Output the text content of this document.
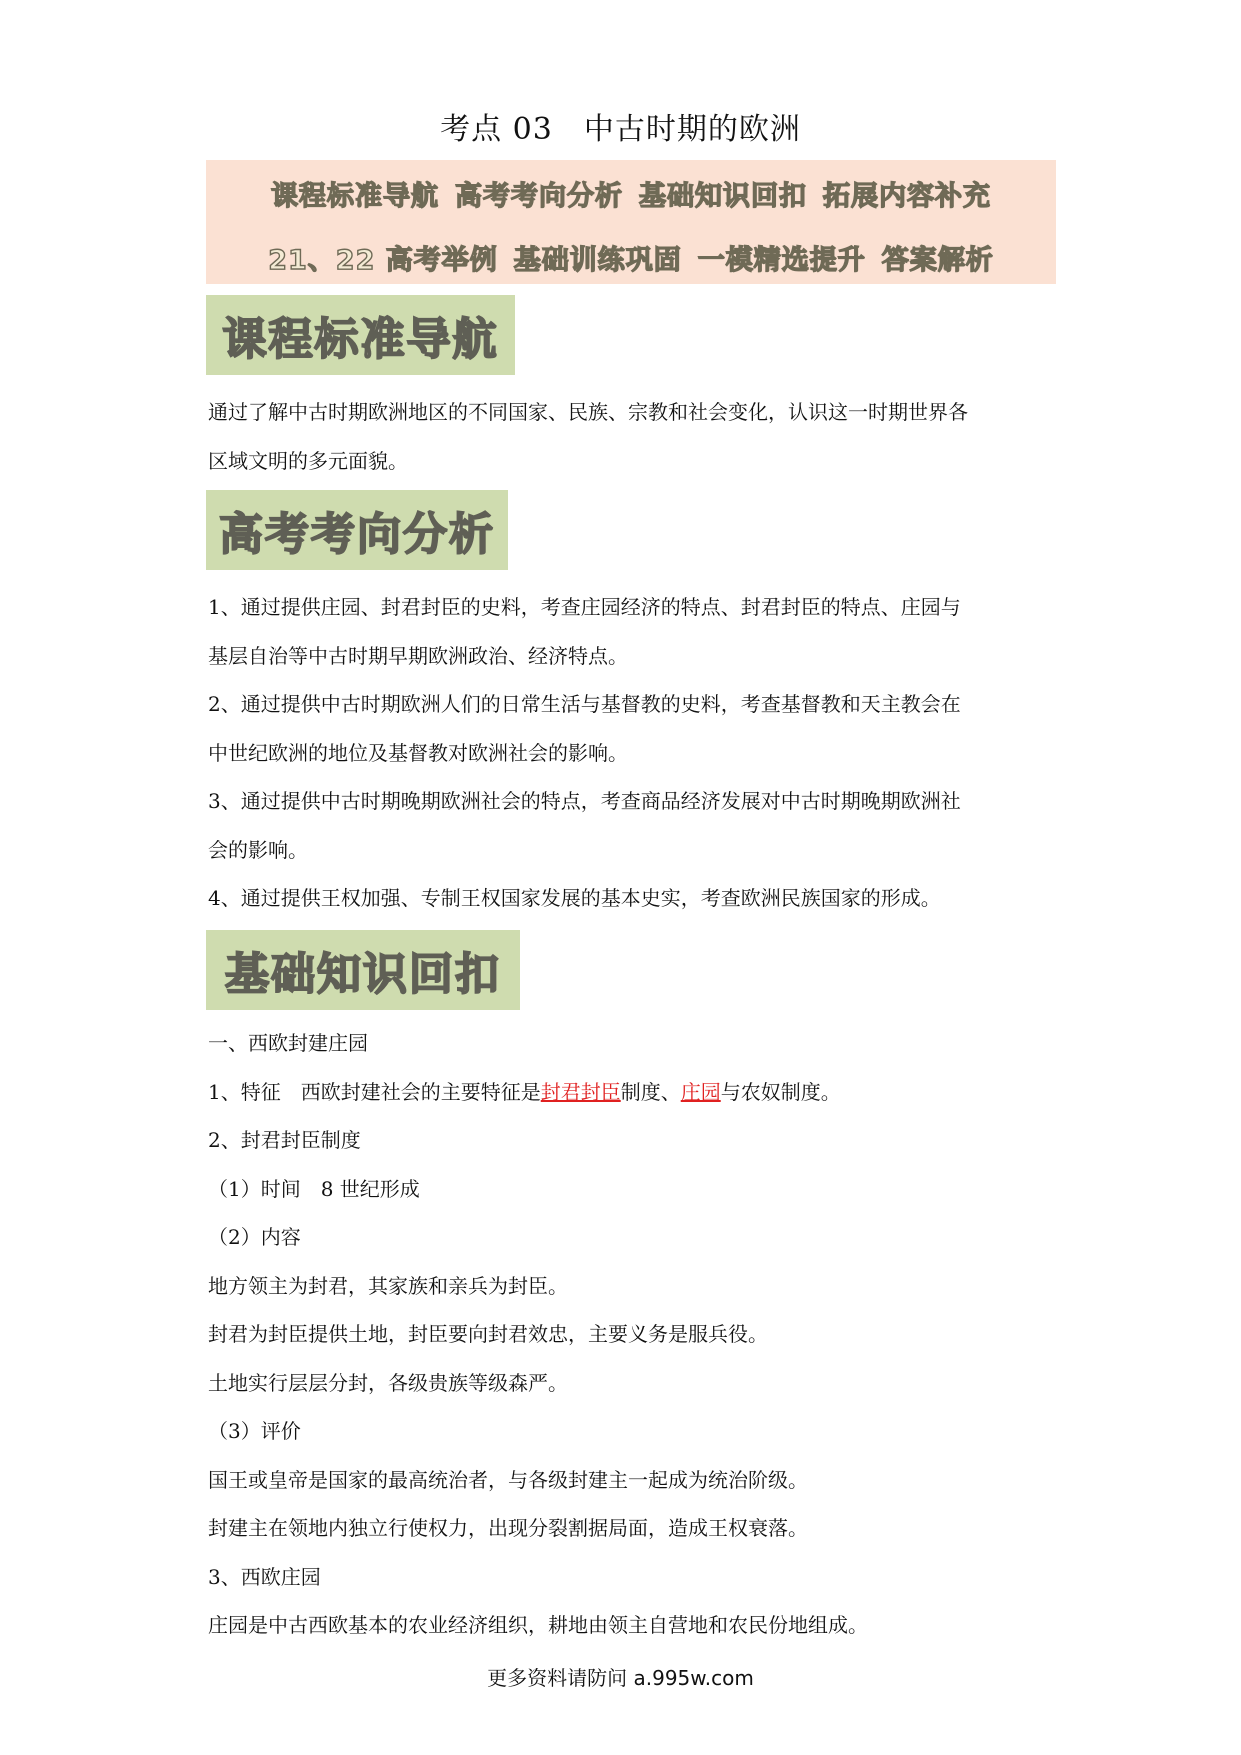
考点 03　中古时期的欧洲
课程标准导航 高考考向分析 基础知识回扣 拓展内容补充
21、22 高考举例 基础训练巩固 一模精选提升 答案解析
课程标准导航
通过了解中古时期欧洲地区的不同国家、民族、宗教和社会变化，认识这一时期世界各
区域文明的多元面貌。
高考考向分析
1、通过提供庄园、封君封臣的史料，考查庄园经济的特点、封君封臣的特点、庄园与
基层自治等中古时期早期欧洲政治、经济特点。
2、通过提供中古时期欧洲人们的日常生活与基督教的史料，考查基督教和天主教会在
中世纪欧洲的地位及基督教对欧洲社会的影响。
3、通过提供中古时期晚期欧洲社会的特点，考查商品经济发展对中古时期晚期欧洲社
会的影响。
4、通过提供王权加强、专制王权国家发展的基本史实，考查欧洲民族国家的形成。
基础知识回扣
一、西欧封建庄园
1、特征　西欧封建社会的主要特征是封君封臣制度、庄园与农奴制度。
2、封君封臣制度
（1）时间　8 世纪形成
（2）内容
地方领主为封君，其家族和亲兵为封臣。
封君为封臣提供土地，封臣要向封君效忠，主要义务是服兵役。
土地实行层层分封，各级贵族等级森严。
（3）评价
国王或皇帝是国家的最高统治者，与各级封建主一起成为统治阶级。
封建主在领地内独立行使权力，出现分裂割据局面，造成王权衰落。
3、西欧庄园
庄园是中古西欧基本的农业经济组织，耕地由领主自营地和农民份地组成。
更多资料请防问 a.995w.com
